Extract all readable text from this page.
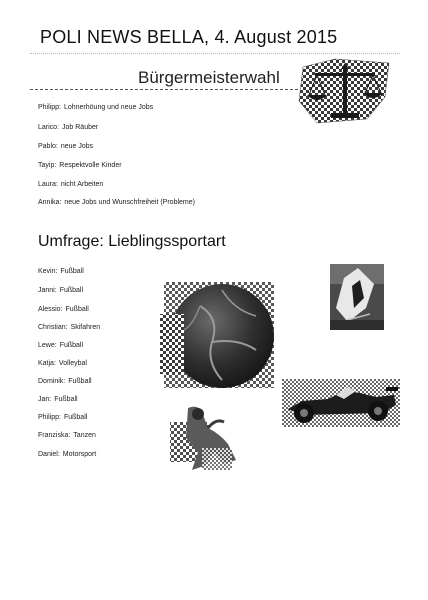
POLI NEWS BELLA, 4. August 2015
Bürgermeisterwahl
Philipp: Lohnerhöung und neue Jobs
Larico: Job Räuber
Pablo: neue Jobs
Tayip: Respektvolle Kinder
Laura: nicht Arbeiten
Annika: neue Jobs und Wunschfreiheit (Probleme)
Umfrage: Lieblingssportart
Kevin: Fußball
Janni: Fußball
Alessio: Fußball
Christian: Skifahren
Lewe: Fußball
Katja: Volleybal
Dominik: Fußball
Jan: Fußball
Philipp: Fußball
Franziska: Tanzen
Daniel: Motorsport
